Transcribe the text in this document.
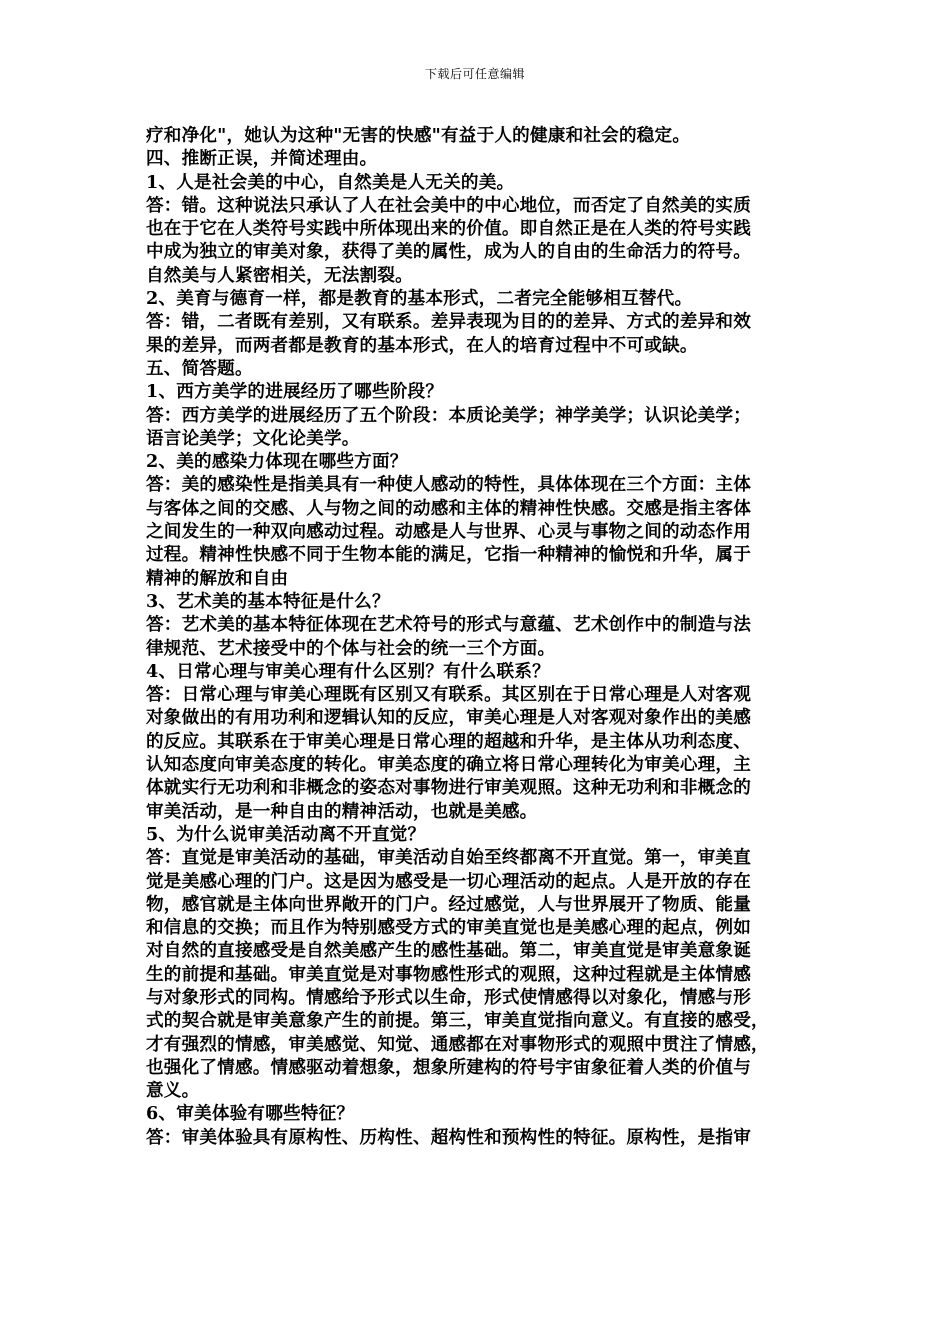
下载后可任意编辑
疗和净化"，她认为这种"无害的快感"有益于人的健康和社会的稳定。
四、推断正误，并简述理由。
1、人是社会美的中心，自然美是人无关的美。
答：错。这种说法只承认了人在社会美中的中心地位，而否定了自然美的实质
也在于它在人类符号实践中所体现出来的价值。即自然正是在人类的符号实践
中成为独立的审美对象，获得了美的属性，成为人的自由的生命活力的符号。
自然美与人紧密相关，无法割裂。
2、美育与德育一样，都是教育的基本形式，二者完全能够相互替代。
答：错，二者既有差别，又有联系。差异表现为目的的差异、方式的差异和效
果的差异，而两者都是教育的基本形式，在人的培育过程中不可或缺。
五、简答题。
1、西方美学的进展经历了哪些阶段？
答：西方美学的进展经历了五个阶段：本质论美学；神学美学；认识论美学；
语言论美学；文化论美学。
2、美的感染力体现在哪些方面？
答：美的感染性是指美具有一种使人感动的特性，具体体现在三个方面：主体
与客体之间的交感、人与物之间的动感和主体的精神性快感。交感是指主客体
之间发生的一种双向感动过程。动感是人与世界、心灵与事物之间的动态作用
过程。精神性快感不同于生物本能的满足，它指一种精神的愉悦和升华，属于
精神的解放和自由
3、艺术美的基本特征是什么？
答：艺术美的基本特征体现在艺术符号的形式与意蕴、艺术创作中的制造与法
律规范、艺术接受中的个体与社会的统一三个方面。
4、日常心理与审美心理有什么区别？有什么联系？
答：日常心理与审美心理既有区别又有联系。其区别在于日常心理是人对客观
对象做出的有用功利和逻辑认知的反应，审美心理是人对客观对象作出的美感
的反应。其联系在于审美心理是日常心理的超越和升华，是主体从功利态度、
认知态度向审美态度的转化。审美态度的确立将日常心理转化为审美心理，主
体就实行无功利和非概念的姿态对事物进行审美观照。这种无功利和非概念的
审美活动，是一种自由的精神活动，也就是美感。
5、为什么说审美活动离不开直觉？
答：直觉是审美活动的基础，审美活动自始至终都离不开直觉。第一，审美直
觉是美感心理的门户。这是因为感受是一切心理活动的起点。人是开放的存在
物，感官就是主体向世界敞开的门户。经过感觉，人与世界展开了物质、能量
和信息的交换；而且作为特别感受方式的审美直觉也是美感心理的起点，例如
对自然的直接感受是自然美感产生的感性基础。第二，审美直觉是审美意象诞
生的前提和基础。审美直觉是对事物感性形式的观照，这种过程就是主体情感
与对象形式的同构。情感给予形式以生命，形式使情感得以对象化，情感与形
式的契合就是审美意象产生的前提。第三，审美直觉指向意义。有直接的感受，
才有强烈的情感，审美感觉、知觉、通感都在对事物形式的观照中贯注了情感，
也强化了情感。情感驱动着想象，想象所建构的符号宇宙象征着人类的价值与
意义。
6、审美体验有哪些特征？
答：审美体验具有原构性、历构性、超构性和预构性的特征。原构性，是指审
